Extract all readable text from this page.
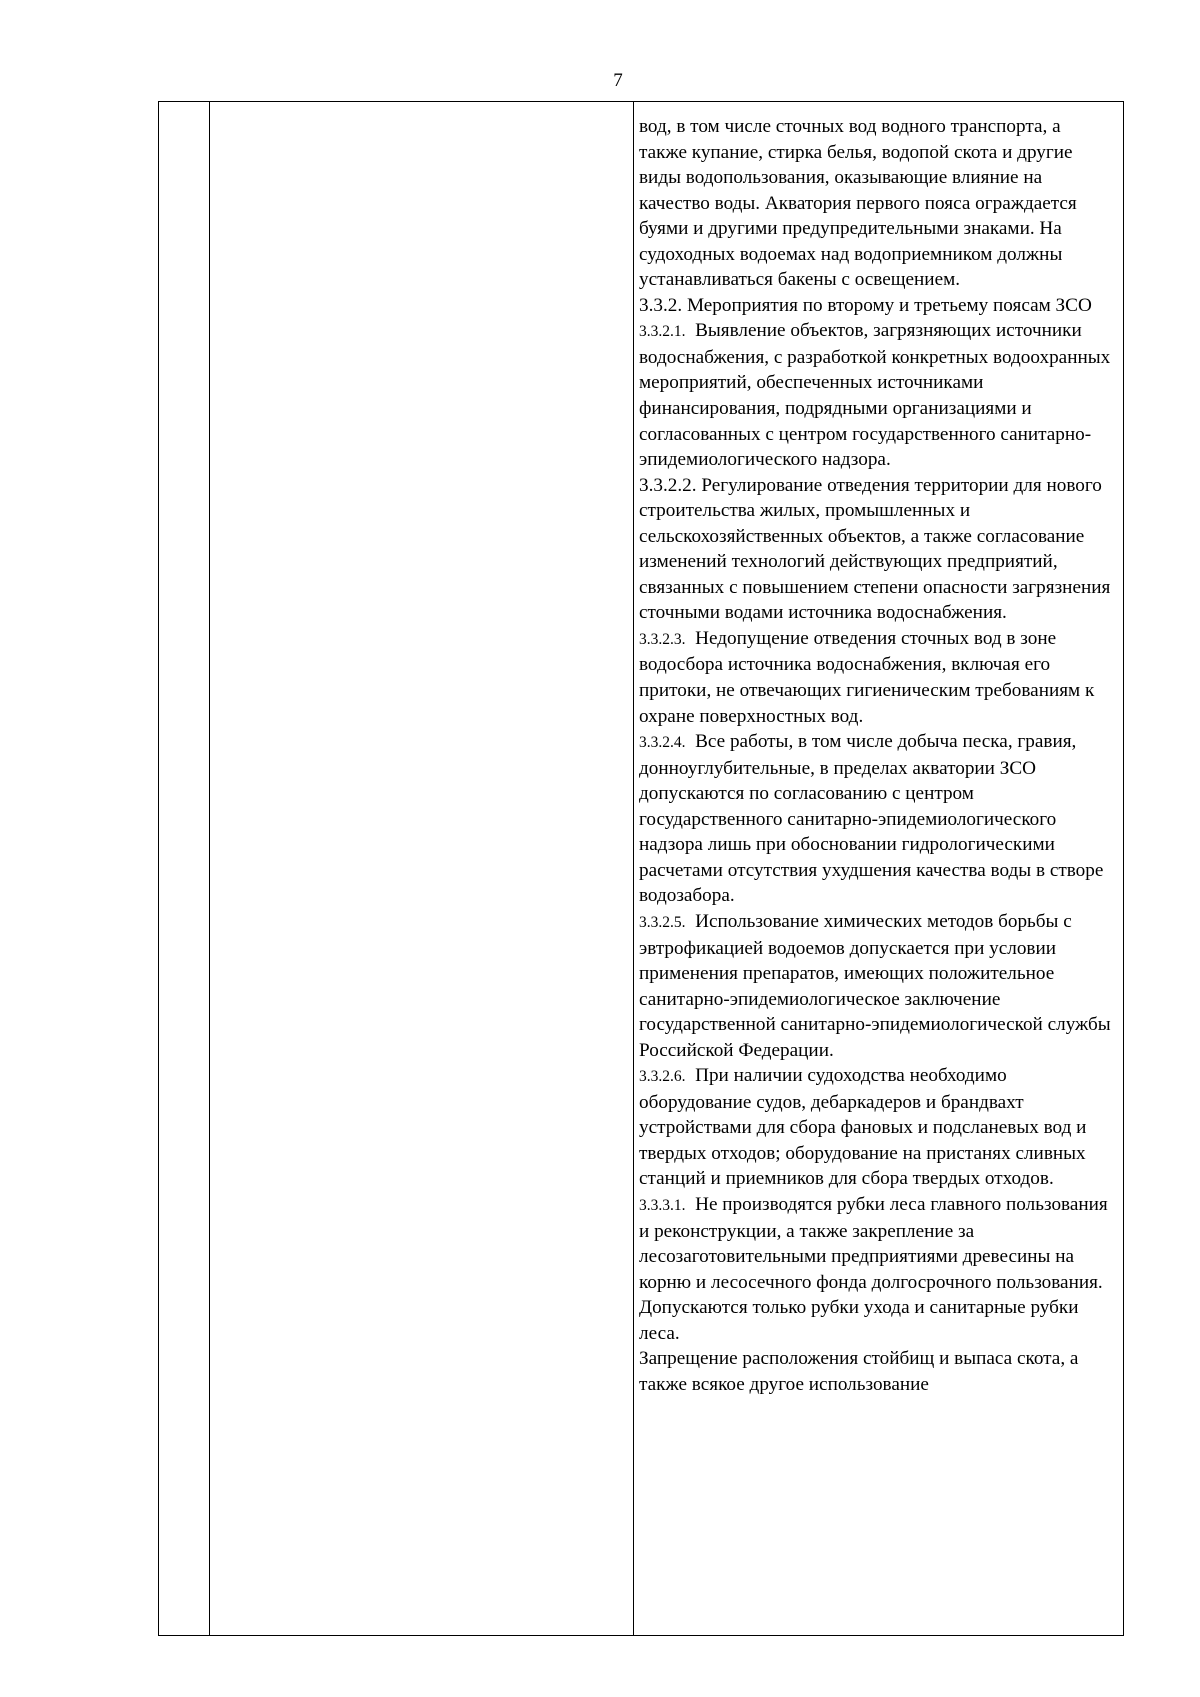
7

вод, в том числе сточных вод водного транспорта, а также купание, стирка белья, водопой скота и другие виды водопользования, оказывающие влияние на качество воды. Акватория первого пояса ограждается буями и другими предупредительными знаками. На судоходных водоемах над водоприемником должны устанавливаться бакены с освещением.

3.3.2. Мероприятия по второму и третьему поясам ЗСО

3.3.2.1. Выявление объектов, загрязняющих источники водоснабжения, с разработкой конкретных водоохранных мероприятий, обеспеченных источниками финансирования, подрядными организациями и согласованных с центром государственного санитарно-эпидемиологического надзора.

3.3.2.2. Регулирование отведения территории для нового строительства жилых, промышленных и сельскохозяйственных объектов, а также согласование изменений технологий действующих предприятий, связанных с повышением степени опасности загрязнения сточными водами источника водоснабжения.

3.3.2.3. Недопущение отведения сточных вод в зоне водосбора источника водоснабжения, включая его притоки, не отвечающих гигиеническим требованиям к охране поверхностных вод.

3.3.2.4. Все работы, в том числе добыча песка, гравия, донноуглубительные, в пределах акватории ЗСО допускаются по согласованию с центром государственного санитарно-эпидемиологического надзора лишь при обосновании гидрологическими расчетами отсутствия ухудшения качества воды в створе водозабора.

3.3.2.5. Использование химических методов борьбы с эвтрофикацией водоемов допускается при условии применения препаратов, имеющих положительное санитарно-эпидемиологическое заключение государственной санитарно-эпидемиологической службы Российской Федерации.

3.3.2.6. При наличии судоходства необходимо оборудование судов, дебаркадеров и брандвахт устройствами для сбора фановых и подсланевых вод и твердых отходов; оборудование на пристанях сливных станций и приемников для сбора твердых отходов.

3.3.3.1. Не производятся рубки леса главного пользования и реконструкции, а также закрепление за лесозаготовительными предприятиями древесины на корню и лесосечного фонда долгосрочного пользования. Допускаются только рубки ухода и санитарные рубки леса.

Запрещение расположения стойбищ и выпаса скота, а также всякое другое использование
